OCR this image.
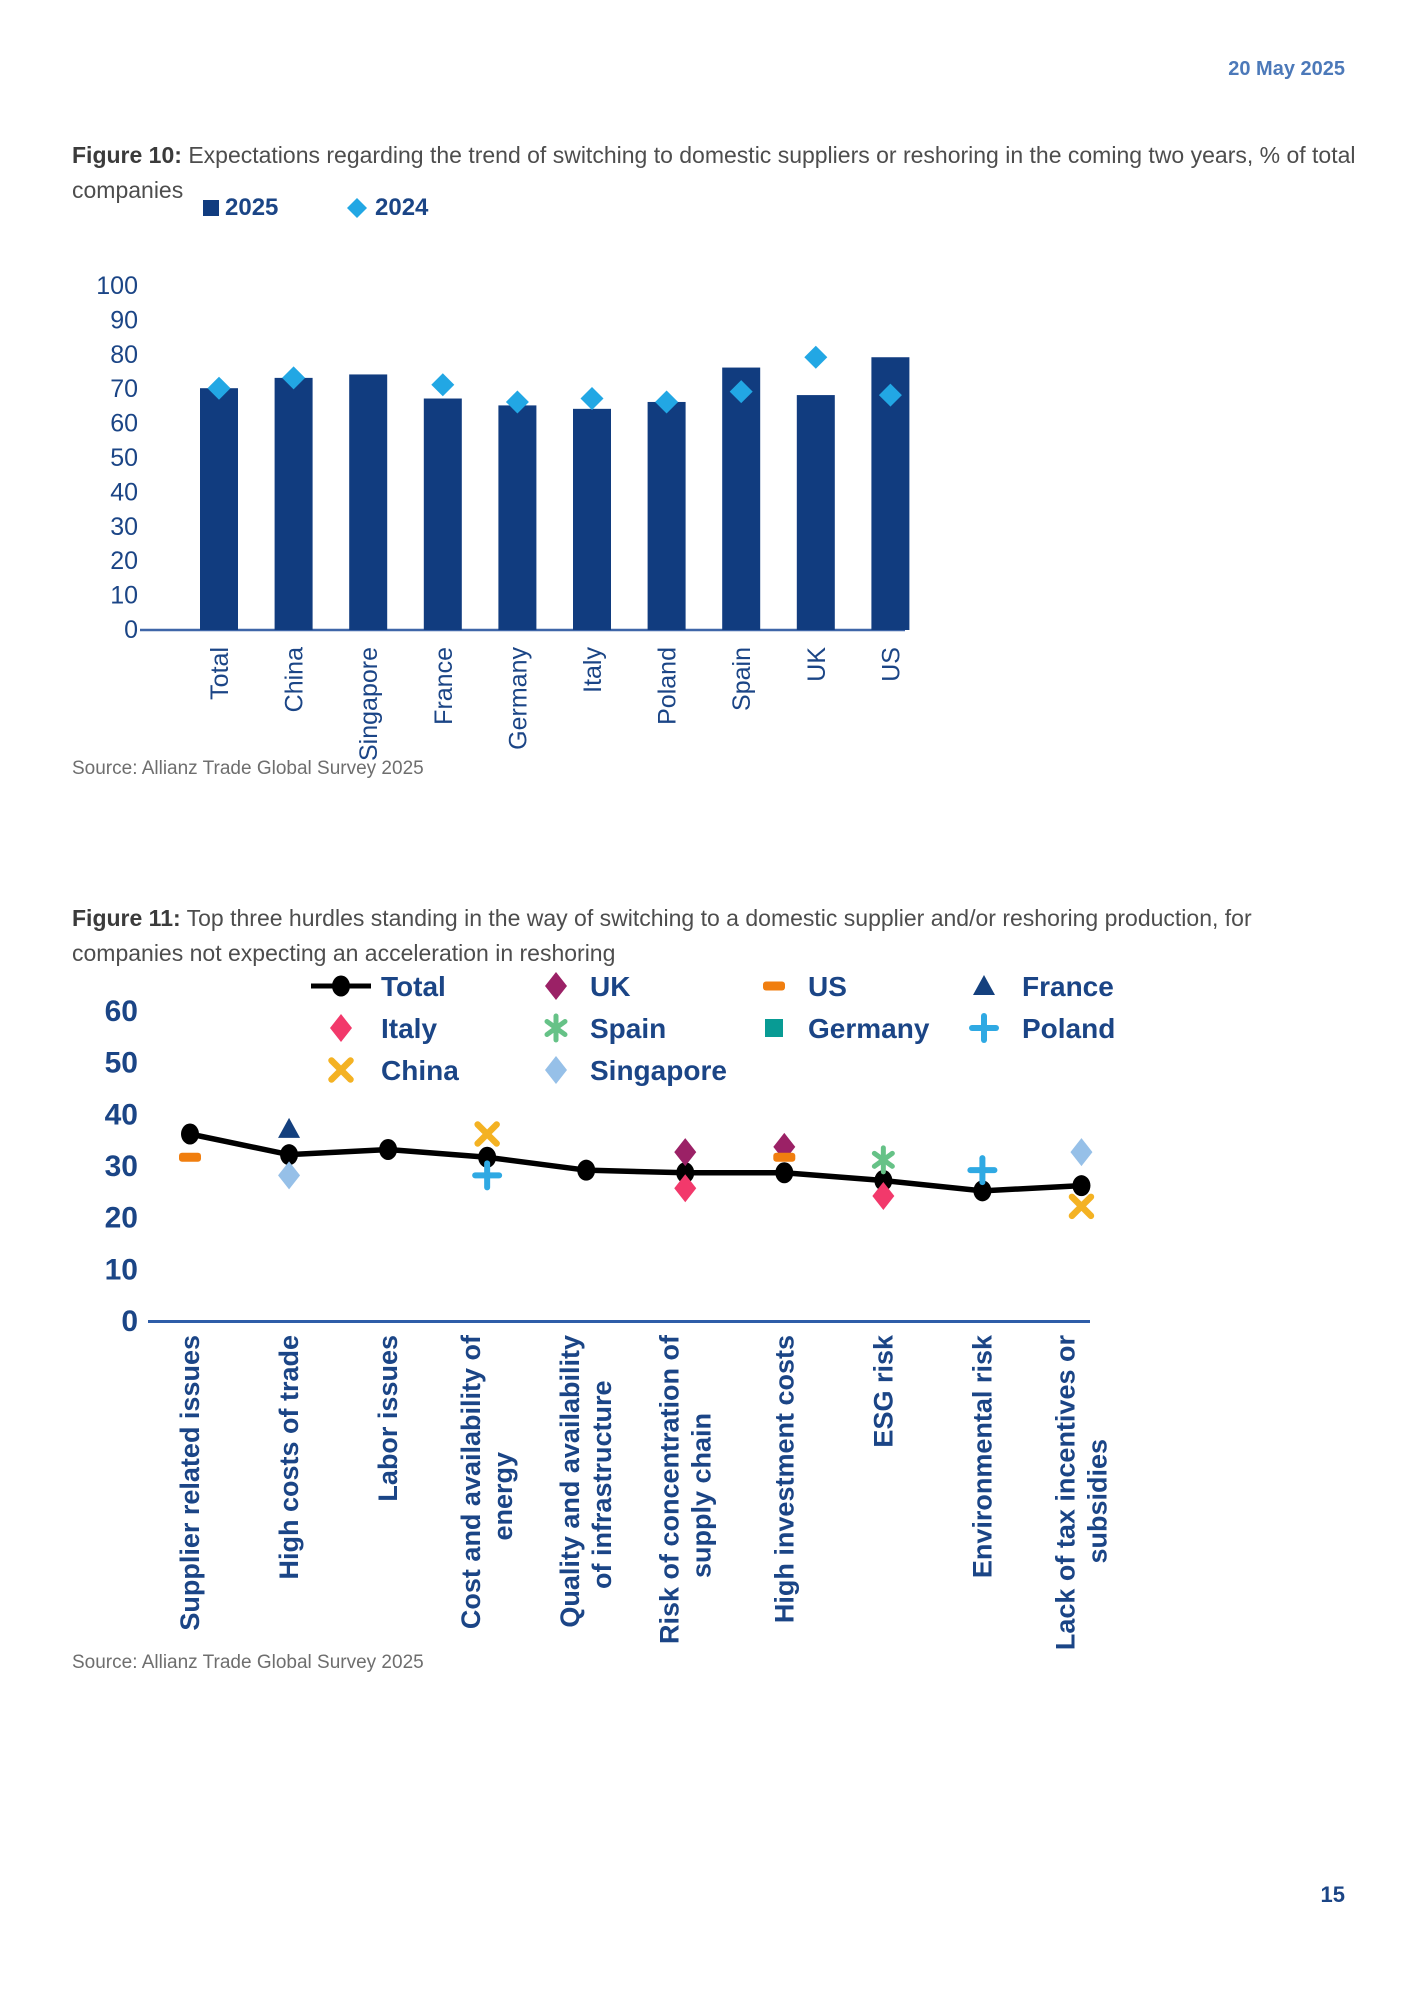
20 May 2025
Figure 10: Expectations regarding the trend of switching to domestic suppliers or reshoring in the coming two years, % of total companies
2025	2024
0
10
20
30
40
50
60
70
80
90
100
Total China Singapore France Germany Italy Poland Spain UK US
Source: Allianz Trade Global Survey 2025
Figure 11: Top three hurdles standing in the way of switching to a domestic supplier and/or reshoring production, for companies not expecting an acceleration in reshoring
Total	UK	US	France
Italy	Spain	Germany	Poland
China	Singapore
0
10
20
30
40
50
60
Supplier related issues	High costs of trade	Labor issues Cost and availability of energy Quality and availability of infrastructure Risk of concentration of supply chain High investment costs	ESG risk	Environmental risk Lack of tax incentives or subsidies
Source: Allianz Trade Global Survey 2025
15
